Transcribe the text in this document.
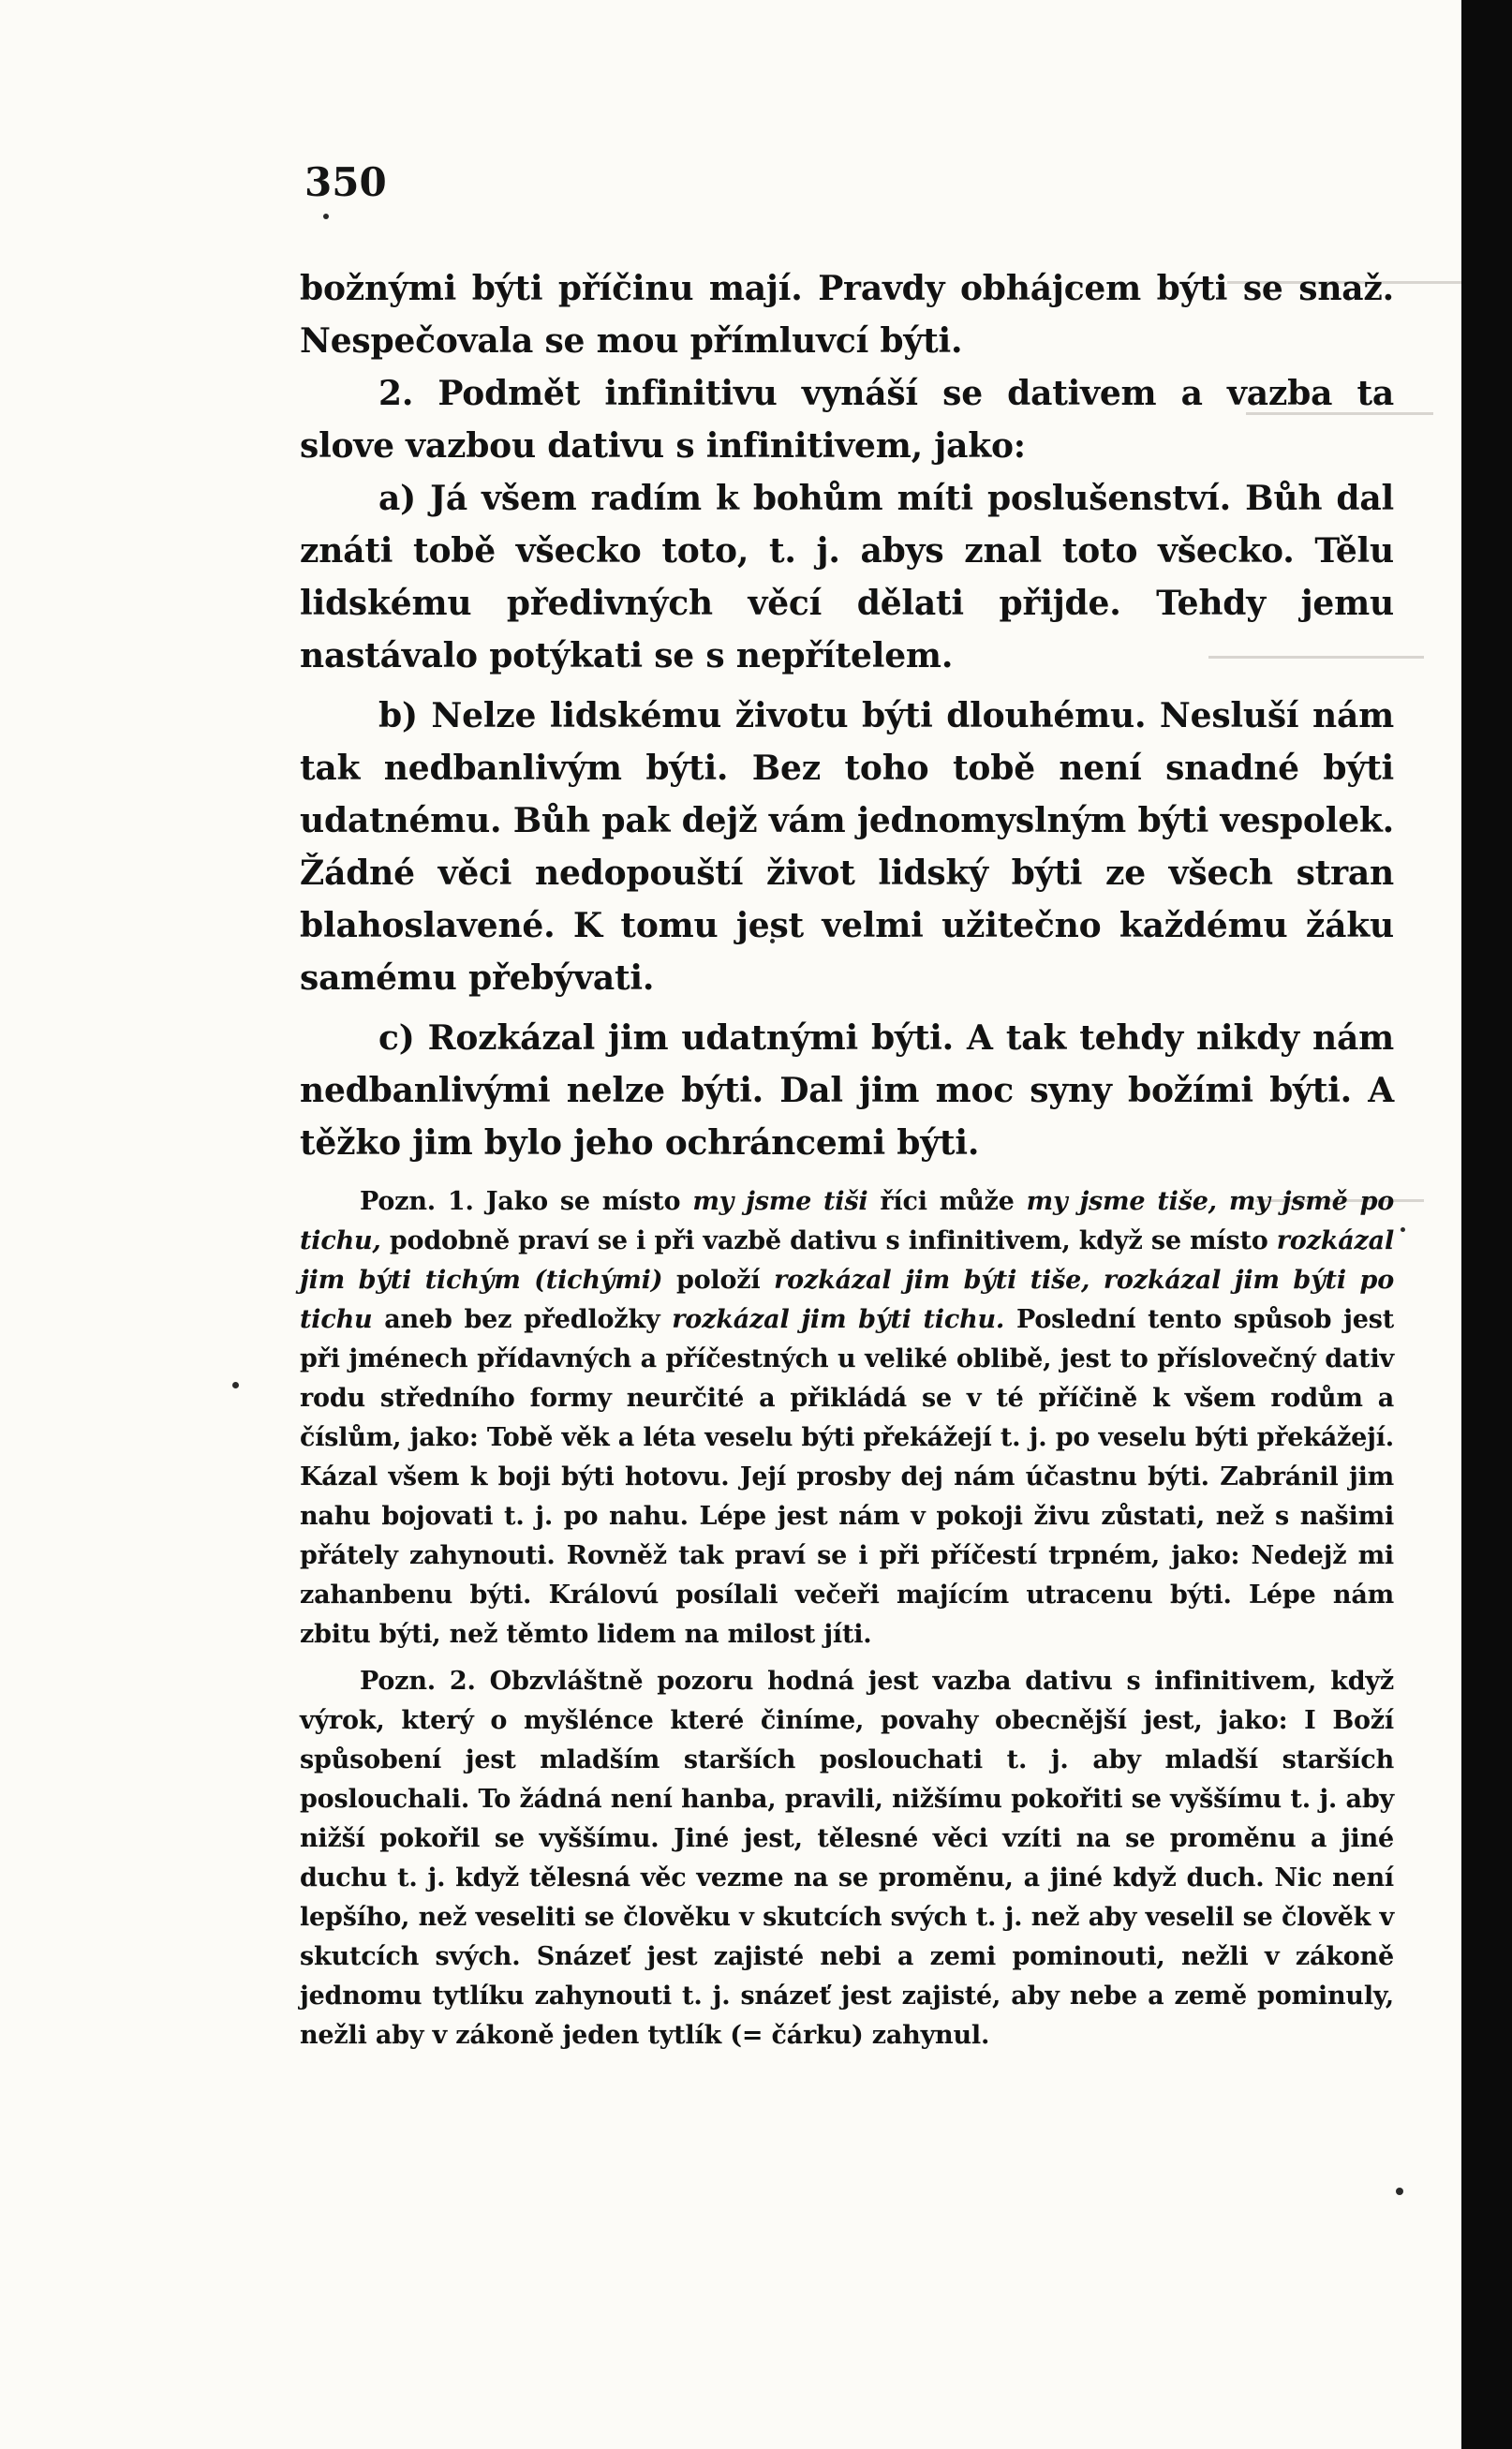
350

božnými býti příčinu mají. Pravdy obhájcem býti se snaž. Nespečovala se mou přímluvcí býti.

2. Podmět infinitivu vynáší se dativem a vazba ta slove vazbou dativu s infinitivem, jako:

a) Já všem radím k bohům míti poslušenství. Bůh dal znáti tobě všecko toto, t. j. abys znal toto všecko. Tělu lidskému předivných věcí dělati přijde. Tehdy jemu nastávalo potýkati se s nepřítelem.

b) Nelze lidskému životu býti dlouhému. Nesluší nám tak nedbanlivým býti. Bez toho tobě není snadné býti udatnému. Bůh pak dejž vám jednomyslným býti vespolek. Žádné věci nedopouští život lidský býti ze všech stran blahoslavené. K tomu jest velmi užitečno každému žáku samému přebývati.

c) Rozkázal jim udatnými býti. A tak tehdy nikdy nám nedbanlivými nelze býti. Dal jim moc syny božími býti. A těžko jim bylo jeho ochráncemi býti.

Pozn. 1. Jako se místo my jsme tiši říci může my jsme tiše, my jsmě po tichu, podobně praví se i při vazbě dativu s infinitivem, když se místo rozkázal jim býti tichým (tichými) položí rozkázal jim býti tiše, rozkázal jim býti po tichu aneb bez předložky rozkázal jim býti tichu. Poslední tento spůsob jest při jménech přídavných a příčestných u veliké oblibě, jest to příslovečný dativ rodu středního formy neurčité a přikládá se v té příčině k všem rodům a číslům, jako: Tobě věk a léta veselu býti překážejí t. j. po veselu býti překážejí. Kázal všem k boji býti hotovu. Její prosby dej nám účastnu býti. Zabránil jim nahu bojovati t. j. po nahu. Lépe jest nám v pokoji živu zůstati, než s našimi přátely zahynouti. Rovněž tak praví se i při příčestí trpném, jako: Nedejž mi zahanbenu býti. Královú posílali večeři majícím utracenu býti. Lépe nám zbitu býti, než těmto lidem na milost jíti.

Pozn. 2. Obzvláštně pozoru hodná jest vazba dativu s infinitivem, když výrok, který o myšlénce které činíme, povahy obecnější jest, jako: I Boží spůsobení jest mladším starších poslouchati t. j. aby mladší starších poslouchali. To žádná není hanba, pravili, nižšímu pokořiti se vyššímu t. j. aby nižší pokořil se vyššímu. Jiné jest, tělesné věci vzíti na se proměnu a jiné duchu t. j. když tělesná věc vezme na se proměnu, a jiné když duch. Nic není lepšího, než veseliti se člověku v skutcích svých t. j. než aby veselil se člověk v skutcích svých. Snázeť jest zajisté nebi a zemi pominouti, nežli v zákoně jednomu tytlíku zahynouti t. j. snázeť jest zajisté, aby nebe a země pominuly, nežli aby v zákoně jeden tytlík (= čárku) zahynul.
